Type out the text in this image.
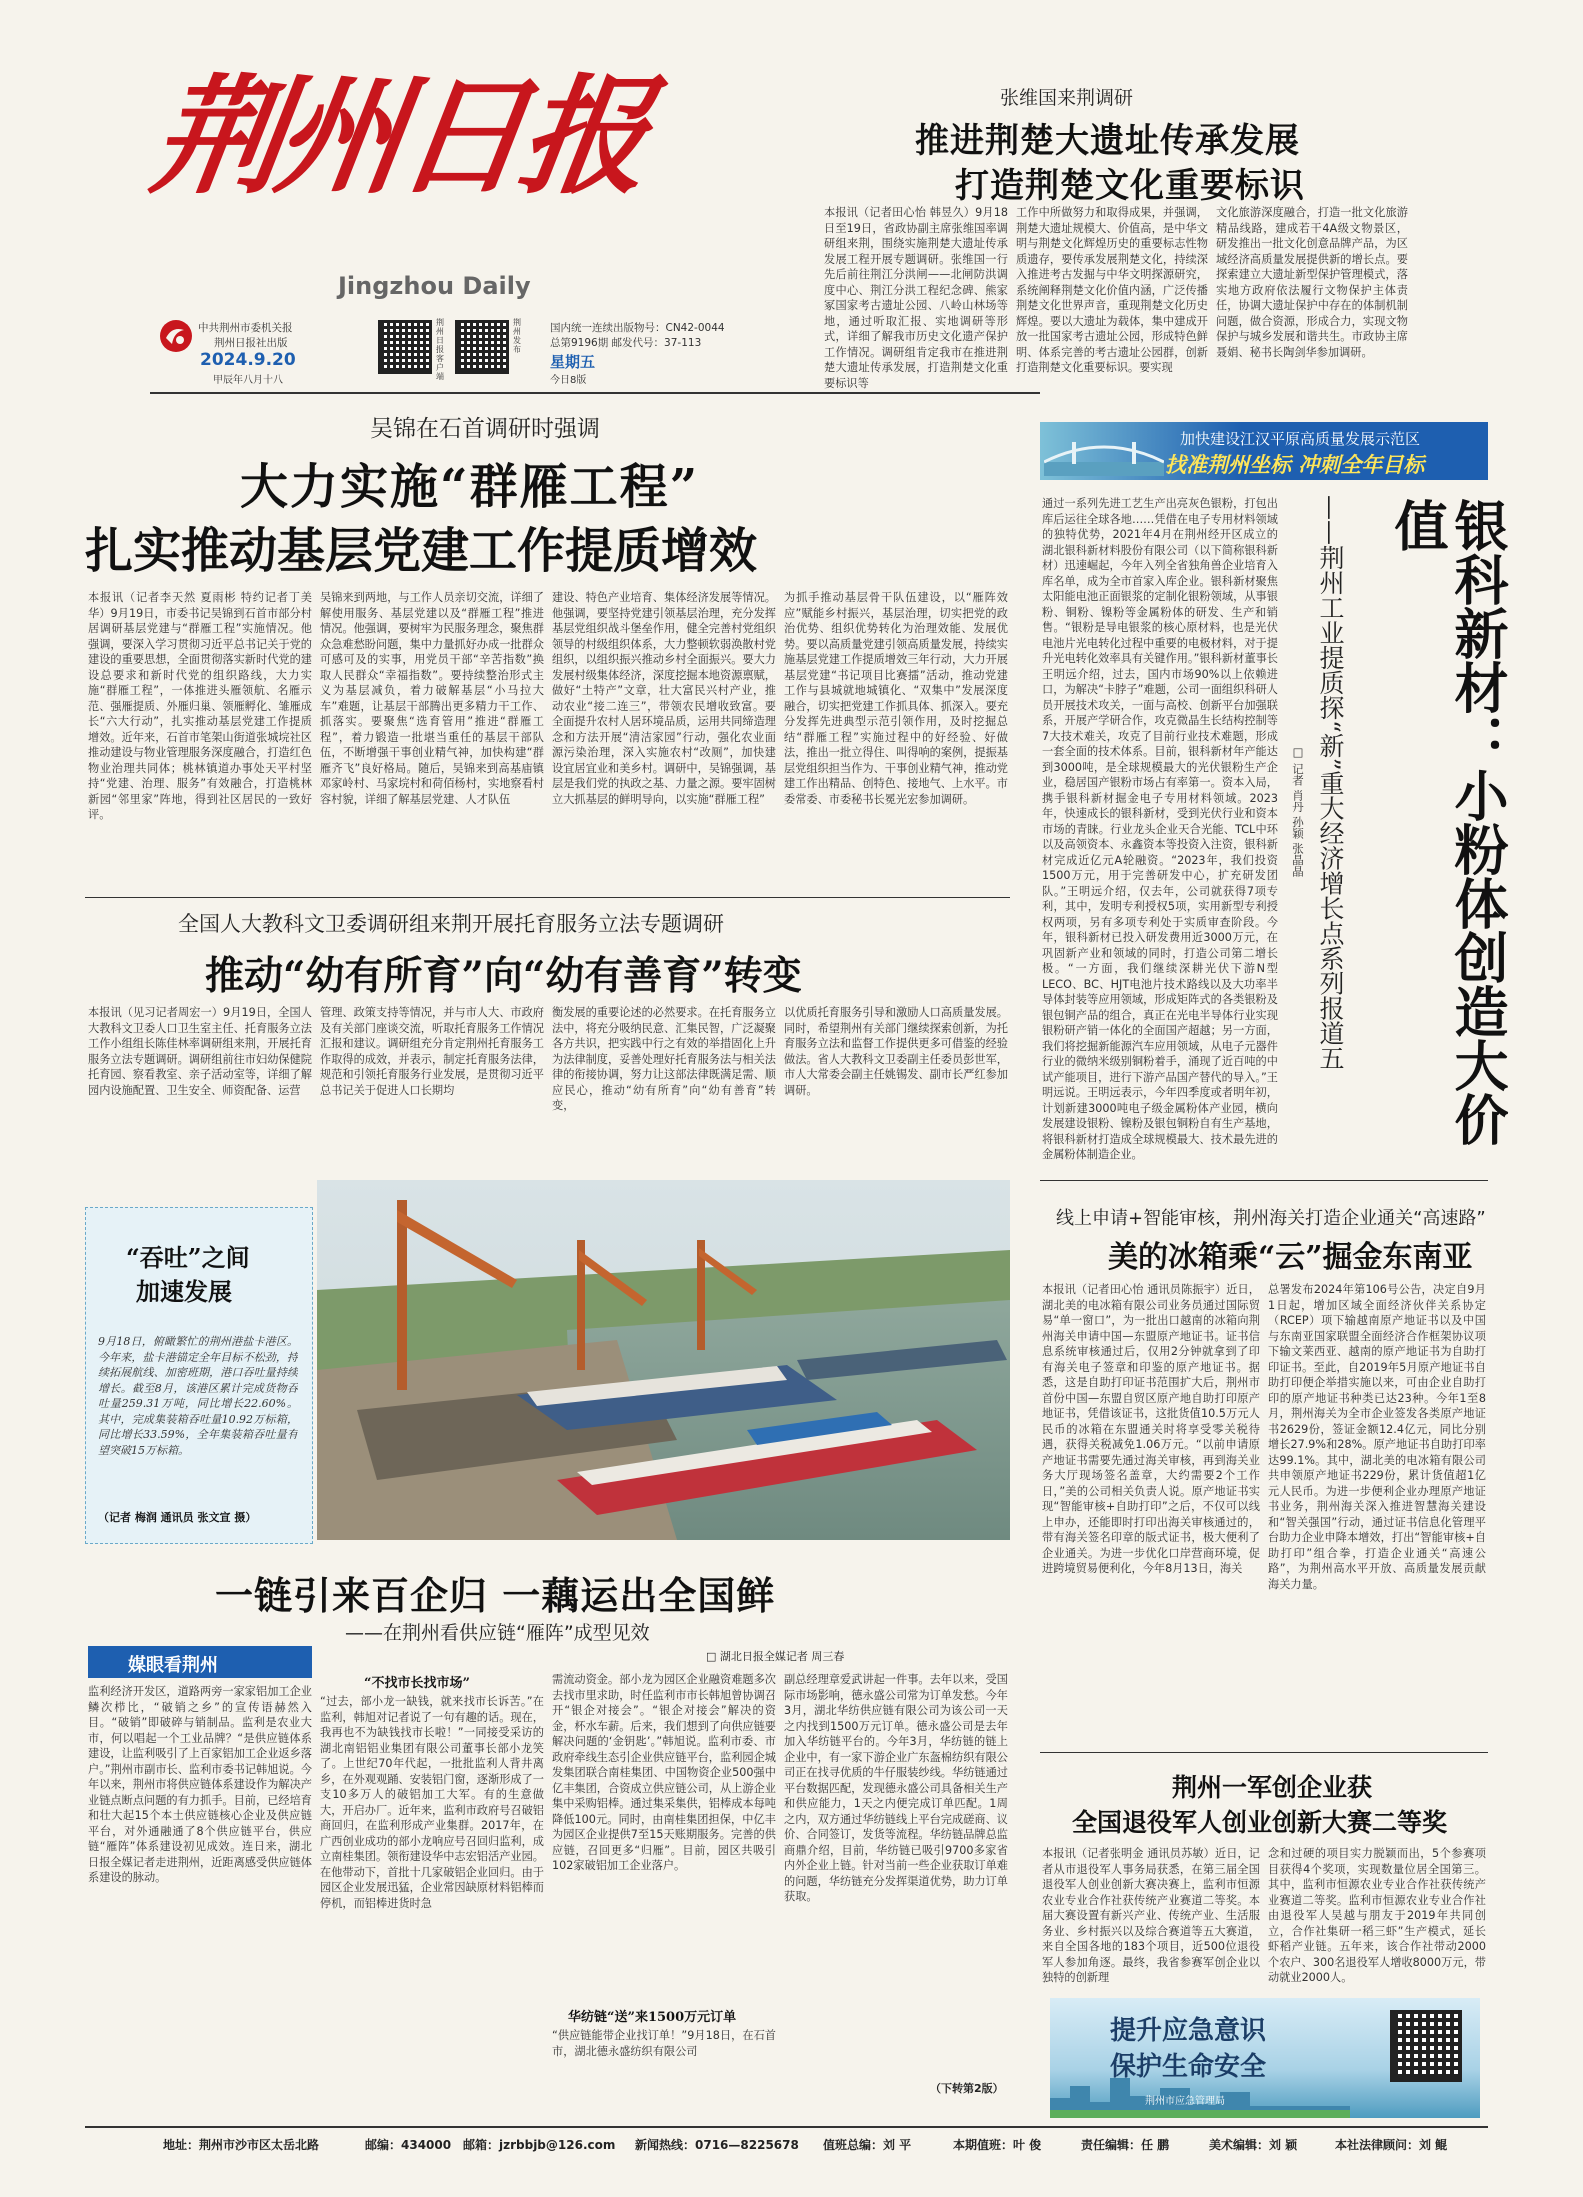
荆州日报
Jingzhou Daily
中共荆州市委机关报
荆州日报社出版
2024.9.20
甲辰年八月十八
荆州日报客户端
荆州发布
国内统一连续出版物号：CN42-0044
总第9196期 邮发代号：37-113
星期五
今日8版
张维国来荆调研
推进荆楚大遗址传承发展
打造荆楚文化重要标识
本报讯（记者田心怡 韩昱久）9月18日至19日，省政协副主席张维国率调研组来荆，围绕实施荆楚大遗址传承发展工程开展专题调研。张维国一行先后前往荆江分洪闸——北闸防洪调度中心、荆江分洪工程纪念碑、熊家冢国家考古遗址公园、八岭山林场等地，通过听取汇报、实地调研等形式，详细了解我市历史文化遗产保护工作情况。调研组肯定我市在推进荆楚大遗址传承发展，打造荆楚文化重要标识等
工作中所做努力和取得成果，并强调，荆楚大遗址规模大、价值高，是中华文明与荆楚文化辉煌历史的重要标志性物质遗存，要传承发展荆楚文化，持续深入推进考古发掘与中华文明探源研究，系统阐释荆楚文化价值内涵，广泛传播荆楚文化世界声音，重现荆楚文化历史辉煌。要以大遗址为载体，集中建成开放一批国家考古遗址公园，形成特色鲜明、体系完善的考古遗址公园群，创新打造荆楚文化重要标识。要实现
文化旅游深度融合，打造一批文化旅游精品线路，建成若干4A级文物景区，研发推出一批文化创意品牌产品，为区域经济高质量发展提供新的增长点。要探索建立大遗址新型保护管理模式，落实地方政府依法履行文物保护主体责任，协调大遗址保护中存在的体制机制问题，做合资源，形成合力，实现文物保护与城乡发展和谐共生。市政协主席聂娟、秘书长陶剑华参加调研。
吴锦在石首调研时强调
大力实施“群雁工程”
扎实推动基层党建工作提质增效
本报讯（记者李天然 夏雨彬 特约记者丁美华）9月19日，市委书记吴锦到石首市部分村居调研基层党建与“群雁工程”实施情况。他强调，要深入学习贯彻习近平总书记关于党的建设的重要思想，全面贯彻落实新时代党的建设总要求和新时代党的组织路线，大力实施“群雁工程”，一体推进头雁领航、名雁示范、强雁提质、外雁归巢、领雁孵化、雏雁成长“六大行动”，扎实推动基层党建工作提质增效。近年来，石首市笔架山街道张城垸社区推动建设与物业管理服务深度融合，打造红色物业治理共同体；桃林镇道办事处天平村坚持“党建、治理、服务”有效融合，打造桃林新园“邻里家”阵地，得到社区居民的一致好评。
吴锦来到两地，与工作人员亲切交流，详细了解使用服务、基层党建以及“群雁工程”推进情况。他强调，要树牢为民服务理念，聚焦群众急难愁盼问题，集中力量抓好办成一批群众可感可及的实事，用党员干部“辛苦指数”换取人民群众“幸福指数”。要持续整治形式主义为基层减负，着力破解基层“小马拉大车”难题，让基层干部腾出更多精力干工作、抓落实。要聚焦“选育管用”推进“群雁工程”，着力锻造一批堪当重任的基层干部队伍，不断增强干事创业精气神，加快构建“群雁齐飞”良好格局。随后，吴锦来到高基庙镇邓家岭村、马家垸村和荷佰杨村，实地察看村容村貌，详细了解基层党建、人才队伍
建设、特色产业培育、集体经济发展等情况。他强调，要坚持党建引领基层治理，充分发挥基层党组织战斗堡垒作用，健全完善村党组织领导的村级组织体系，大力整顿软弱涣散村党组织，以组织振兴推动乡村全面振兴。要大力发展村级集体经济，深度挖掘本地资源禀赋，做好“土特产”文章，壮大富民兴村产业，推动农业“接二连三”，带领农民增收致富。要全面提升农村人居环境品质，运用共同缔造理念和方法开展“清洁家园”行动，强化农业面源污染治理，深入实施农村“改厕”，加快建设宜居宜业和美乡村。调研中，吴锦强调，基层是我们党的执政之基、力量之源。要牢固树立大抓基层的鲜明导向，以实施“群雁工程”
为抓手推动基层骨干队伍建设，以“雁阵效应”赋能乡村振兴，基层治理，切实把党的政治优势、组织优势转化为治理效能、发展优势。要以高质量党建引领高质量发展，持续实施基层党建工作提质增效三年行动，大力开展基层党建“书记项目比赛擂”活动，推动党建工作与县城就地城镇化、“双集中”发展深度融合，切实把党建工作抓具体、抓深入。要充分发挥先进典型示范引领作用，及时挖掘总结“群雁工程”实施过程中的好经验、好做法，推出一批立得住、叫得响的案例，提振基层党组织担当作为、干事创业精气神，推动党建工作出精品、创特色、接地气、上水平。市委常委、市委秘书长冕光宏参加调研。
全国人大教科文卫委调研组来荆开展托育服务立法专题调研
推动“幼有所育”向“幼有善育”转变
本报讯（见习记者周宏一）9月19日，全国人大教科文卫委人口卫生室主任、托育服务立法工作小组组长陈佳林率调研组来荆，开展托育服务立法专题调研。调研组前往市妇幼保健院托育园、察看教室、亲子活动室等，详细了解园内设施配置、卫生安全、师资配备、运营
管理、政策支持等情况，并与市人大、市政府及有关部门座谈交流，听取托育服务工作情况汇报和建议。调研组充分肯定荆州托育服务工作取得的成效，并表示，制定托育服务法律，规范和引领托育服务行业发展，是贯彻习近平总书记关于促进人口长期均
衡发展的重要论述的必然要求。在托育服务立法中，将充分吸纳民意、汇集民智，广泛凝聚各方共识，把实践中行之有效的举措固化上升为法律制度，妥善处理好托育服务法与相关法律的衔接协调，努力让这部法律既满足需、顺应民心，推动“幼有所育”向“幼有善育”转变，
以优质托育服务引导和激励人口高质量发展。同时，希望荆州有关部门继续探索创新，为托育服务立法和监督工作提供更多可借鉴的经验做法。省人大教科文卫委副主任委员彭世军，市人大常委会副主任姚锡发、副市长严红参加调研。
“吞吐”之间
加速发展
9月18日，俯瞰繁忙的荆州港盐卡港区。今年来，盐卡港锚定全年目标不松劲，持续拓展航线、加密班期，港口吞吐量持续增长。截至8月，该港区累计完成货物吞吐量259.31万吨，同比增长22.60%。其中，完成集装箱吞吐量10.92万标箱，同比增长33.59%，全年集装箱吞吐量有望突破15万标箱。
（记者 梅润 通讯员 张文宣 摄）
一链引来百企归 一藕运出全国鲜
——在荆州看供应链“雁阵”成型见效
□ 湖北日报全媒记者 周三春
媒眼看荆州
监利经济开发区，道路两旁一家家铝加工企业鳞次栉比，“破销之乡”的宣传语赫然入目。“破销”即破碎与销制品。监利是农业大市，何以唱起一个工业品牌？“是供应链体系建设，让监利吸引了上百家铝加工企业返乡落户。”荆州市副市长、监利市委书记韩旭说。今年以来，荆州市将供应链体系建设作为解决产业链点断点问题的有力抓手。目前，已经培育和壮大起15个本土供应链核心企业及供应链平台，对外通融通了8个供应链平台，供应链“雁阵”体系建设初见成效。连日来，湖北日报全媒记者走进荆州，近距离感受供应链体系建设的脉动。
“不找市长找市场”
“过去，部小龙一缺钱，就来找市长诉苦。”在监利，韩旭对记者说了一句有趣的话。现在，我再也不为缺钱找市长啦！”一同接受采访的湖北南铝铝业集团有限公司董事长部小龙笑了。上世纪70年代起，一批批监利人背井离乡，在外观观踊、安装铝门窗，逐渐形成了一支10多万人的破铝加工大军。有的生意做大，开启办厂。近年来，监利市政府号召破铝商回归，在监利形成产业集群。2017年，在广西创业成功的部小龙响应号召回归监利，成立南桂集团。领衔建设华中志宏铝活产业园。在他带动下，首批十几家破铝企业回归。由于园区企业发展迅猛，企业常因缺原材料铝棒而停机，而铝棒进货时急
需流动资金。部小龙为园区企业融资难题多次去找市里求助，时任监利市市长韩旭曾协调召开“银企对接会”。“银企对接会”解决的资金，杯水车薪。后来，我们想到了向供应链要解决问题的‘金钥匙’。”韩旭说。监利市委、市政府牵线生态引企业供应链平台，监利园企城发集团联合南桂集团、中国物资企业500强中亿丰集团，合资成立供应链公司，从上游企业集中采购铝棒。通过集采集供，铝棒成本每吨降低100元。同时，由南桂集团担保，中亿丰为园区企业提供7至15天账期服务。完善的供应链，召回更多“归雁”。目前，园区共吸引102家破铝加工企业落户。
华纺链“送”来1500万元订单
“供应链能带企业找订单！”9月18日，在石首市，湖北德永盛纺织有限公司
副总经理章爱武讲起一件事。去年以来，受国际市场影响，德永盛公司常为订单发愁。今年3月，湖北华纺供应链有限公司为该公司一天之内找到1500万元订单。德永盛公司是去年加入华纺链平台的。今年3月，华纺链的链上企业中，有一家下游企业广东盔棉纺织有限公司正在找寻优质的牛仔服装纱线。华纺链通过平台数据匹配，发现德永盛公司具备相关生产和供应能力，1天之内便完成订单匹配。1周之内，双方通过华纺链线上平台完成磋商、议价、合同签订，发货等流程。华纺链品牌总监商鼎介绍，目前，华纺链已吸引9700多家省内外企业上链。针对当前一些企业获取订单难的问题，华纺链充分发挥渠道优势，助力订单获取。
（下转第2版）
加快建设江汉平原高质量发展示范区
找准荆州坐标 冲刺全年目标
通过一系列先进工艺生产出亮灰色银粉，打包出库后运往全球各地……凭借在电子专用材料领域的独特优势，2021年4月在荆州经开区成立的湖北银科新材料股份有限公司（以下简称银科新材）迅速崛起，今年入列全省独角兽企业培育入库名单，成为全市首家入库企业。银科新材聚焦太阳能电池正面银浆的定制化银粉领域，从事银粉、铜粉、镍粉等金属粉体的研发、生产和销售。“银粉是导电银浆的核心原材料，也是光伏电池片光电转化过程中重要的电极材料，对于提升光电转化效率具有关键作用。”银科新材董事长王明远介绍，过去，国内市场90%以上依赖进口，为解决“卡脖子”难题，公司一面组织科研人员开展技术攻关，一面与高校、创新平台加强联系，开展产学研合作，攻克微晶生长结构控制等7大技术难关，攻克了目前行业技术难题，形成一套全面的技术体系。目前，银科新材年产能达到3000吨，是全球规模最大的光伏银粉生产企业，稳居国产银粉市场占有率第一。资本入局，携手银科新材掘金电子专用材料领域。2023年，快速成长的银科新材，受到光伏行业和资本市场的青睐。行业龙头企业天合光能、TCL中环以及高领资本、永鑫资本等投资入注资，银科新材完成近亿元A轮融资。“2023年，我们投资1500万元，用于完善研发中心，扩充研发团队。”王明远介绍，仅去年，公司就获得7项专利，其中，发明专利授权5项，实用新型专利授权两项，另有多项专利处于实质审查阶段。今年，银科新材已投入研发费用近3000万元，在巩固新产业和领域的同时，打造公司第二增长极。“一方面，我们继续深耕光伏下游N型LECO、BC、HJT电池片技术路线以及大功率半导体封装等应用领域，形成矩阵式的各类银粉及银包铜产品的组合，真正在光电半导体行业实现银粉研产销一体化的全面国产超越；另一方面，我们将挖掘新能源汽车应用领域，从电子元器件行业的微纳米级别铜粉着手，涌现了近百吨的中试产能项目，进行下游产品国产替代的导入。”王明远说。王明远表示，今年四季度或者明年初，计划新建3000吨电子级金属粉体产业园，横向发展建设银粉、镍粉及银包铜粉自有生产基地，将银科新材打造成全球规模最大、技术最先进的金属粉体制造企业。
□ 记者 肖丹 孙颖 张晶晶 ——荆州工业提质探“新”重大经济增长点系列报道五	银科新材：小粉体创造大价值
线上申请+智能审核，荆州海关打造企业通关“高速路”
美的冰箱乘“云”掘金东南亚
本报讯（记者田心怡 通讯员陈振宇）近日，湖北美的电冰箱有限公司业务员通过国际贸易“单一窗口”，为一批出口越南的冰箱向荆州海关申请中国—东盟原产地证书。证书信息系统审核通过后，仅用2分钟就拿到了印有海关电子签章和印鉴的原产地证书。据悉，这是自助打印证书范围扩大后，荆州市首份中国—东盟自贸区原产地自助打印原产地证书，凭借该证书，这批货值10.5万元人民币的冰箱在东盟通关时将享受零关税待遇，获得关税减免1.06万元。“以前申请原产地证书需要先通过海关审核，再到海关业务大厅现场签名盖章，大约需要2个工作日，”美的公司相关负责人说。原产地证书实现“智能审核+自助打印”之后，不仅可以线上申办，还能即时打印出海关审核通过的，带有海关签名印章的版式证书，极大便利了企业通关。为进一步优化口岸营商环境，促进跨境贸易便利化，今年8月13日，海关
总署发布2024年第106号公告，决定自9月1日起，增加区域全面经济伙伴关系协定（RCEP）项下输越南原产地证书以及中国与东南亚国家联盟全面经济合作框架协议项下输文莱西亚、越南的原产地证书为自助打印证书。至此，自2019年5月原产地证书自助打印便企举措实施以来，可由企业自助打印的原产地证书种类已达23种。今年1至8月，荆州海关为全市企业签发各类原产地证书2629份，签证金额12.4亿元，同比分别增长27.9%和28%。原产地证书自助打印率达99.1%。其中，湖北美的电冰箱有限公司共申领原产地证书229份，累计货值超1亿元人民币。为进一步便利企业办理原产地证书业务，荆州海关深入推进智慧海关建设和“智关强国”行动，通过证书信息化管理平台助力企业申降本增效，打出“智能审核+自助打印”组合拳，打造企业通关“高速公路”，为荆州高水平开放、高质量发展贡献海关力量。
荆州一军创企业获
全国退役军人创业创新大赛二等奖
本报讯（记者张明金 通讯员苏敏）近日，记者从市退役军人事务局获悉，在第三届全国退役军人创业创新大赛决赛上，监利市恒源农业专业合作社获传统产业赛道二等奖。本届大赛设置有新兴产业、传统产业、生活服务业、乡村振兴以及综合赛道等五大赛道，来自全国各地的183个项目，近500位退役军人参加角逐。最终，我省参赛军创企业以独特的创新理
念和过硬的项目实力脱颖而出，5个参赛项目获得4个奖项，实现数量位居全国第三。其中，监利市恒源农业专业合作社获传统产业赛道二等奖。监利市恒源农业专业合作社由退役军人吴越与朋友于2019年共同创立，合作社集研一稻三虾”生产模式，延长虾稻产业链。五年来，该合作社带动2000个农户、300名退役军人增收8000万元，带动就业2000人。
提升应急意识
保护生命安全
荆州市应急管理局
地址：荆州市沙市区太岳北路	邮编：434000 邮箱：jzrbbjb@126.com 新闻热线：0716—8225678 值班总编：刘 平	本期值班：叶 俊	责任编辑：任 鹏	美术编辑：刘 颖	本社法律顾问：刘 鲲
